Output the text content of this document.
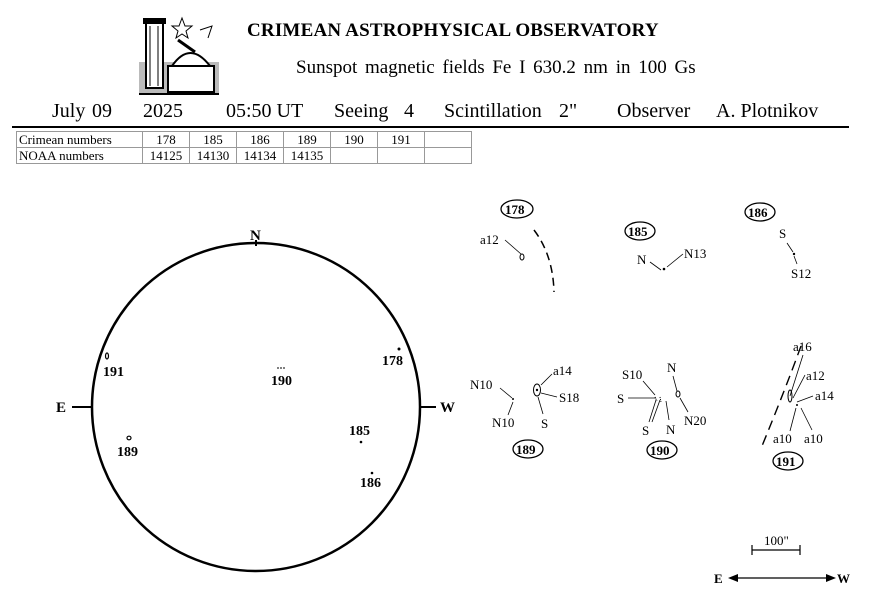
N
E	W
191
189
190
178
185
186
178
a12
185
N	N13
186
S
S12
N10
N10
a14
S18
S
189
S10
S
S
N
N
N20
190
a16
a12
a14
a10 a10
191
100"
E	W
CRIMEAN ASTROPHYSICAL OBSERVATORY
Sunspot magnetic fields Fe I 630.2 nm in 100 Gs
July 09 2025 05:50 UT Seeing 4 Scintillation 2" Observer A. Plotnikov
Crimean numbers	178	185	186	189	190	191	
NOAA numbers	14125	14130	14134	14135			
